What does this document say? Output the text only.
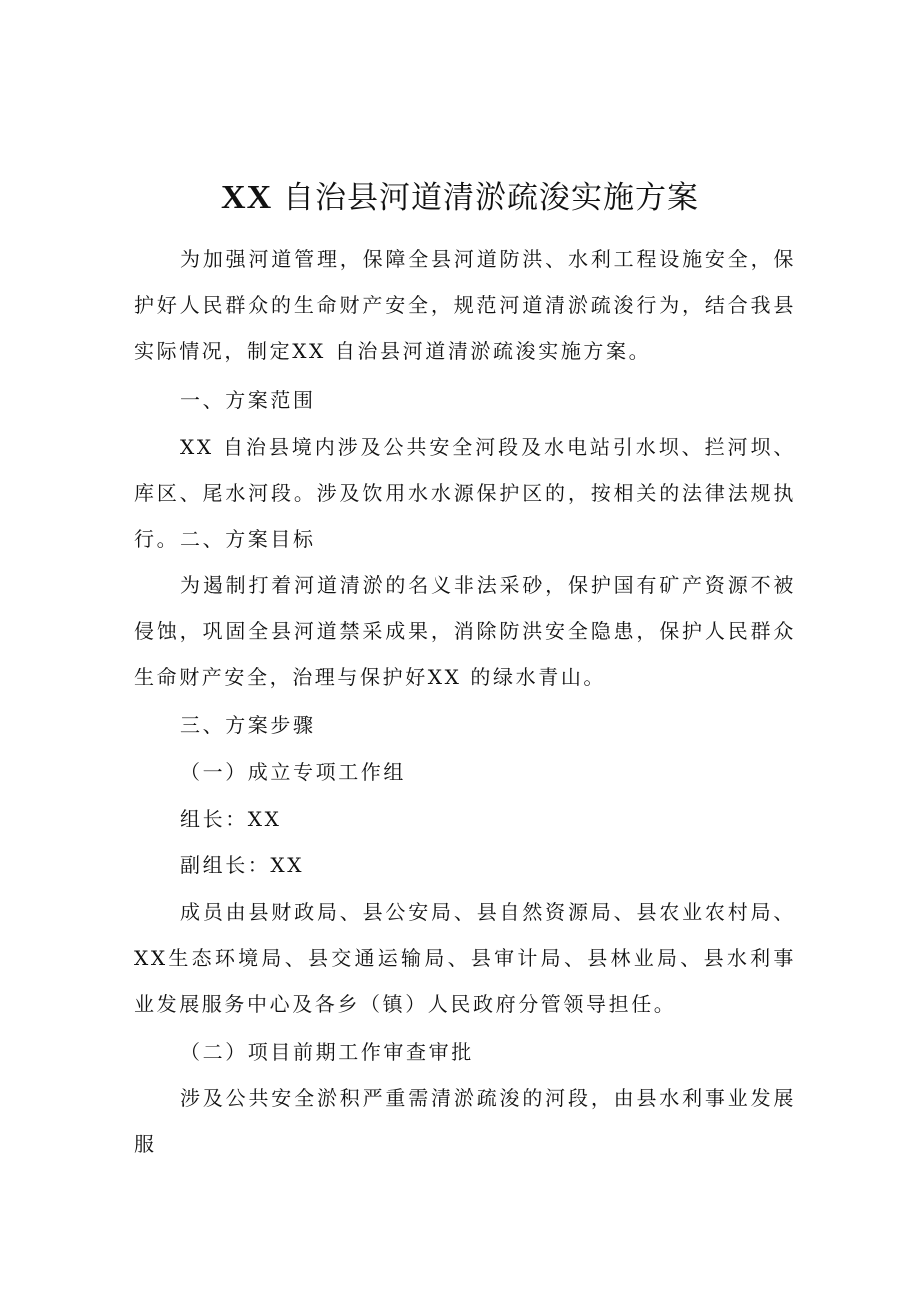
XX 自治县河道清淤疏浚实施方案

为加强河道管理，保障全县河道防洪、水利工程设施安全，保护好人民群众的生命财产安全，规范河道清淤疏浚行为，结合我县实际情况，制定XX 自治县河道清淤疏浚实施方案。

一、方案范围

XX 自治县境内涉及公共安全河段及水电站引水坝、拦河坝、库区、尾水河段。涉及饮用水水源保护区的，按相关的法律法规执行。 二、方案目标

为遏制打着河道清淤的名义非法采砂，保护国有矿产资源不被侵蚀，巩固全县河道禁采成果，消除防洪安全隐患，保护人民群众生命财产安全，治理与保护好XX 的绿水青山。

三、方案步骤

（一）成立专项工作组

组长：XX

副组长：XX

成员由县财政局、县公安局、县自然资源局、县农业农村局、XX生态环境局、县交通运输局、县审计局、县林业局、县水利事业发展服务中心及各乡（镇）人民政府分管领导担任。

（二）项目前期工作审查审批

涉及公共安全淤积严重需清淤疏浚的河段，由县水利事业发展服
